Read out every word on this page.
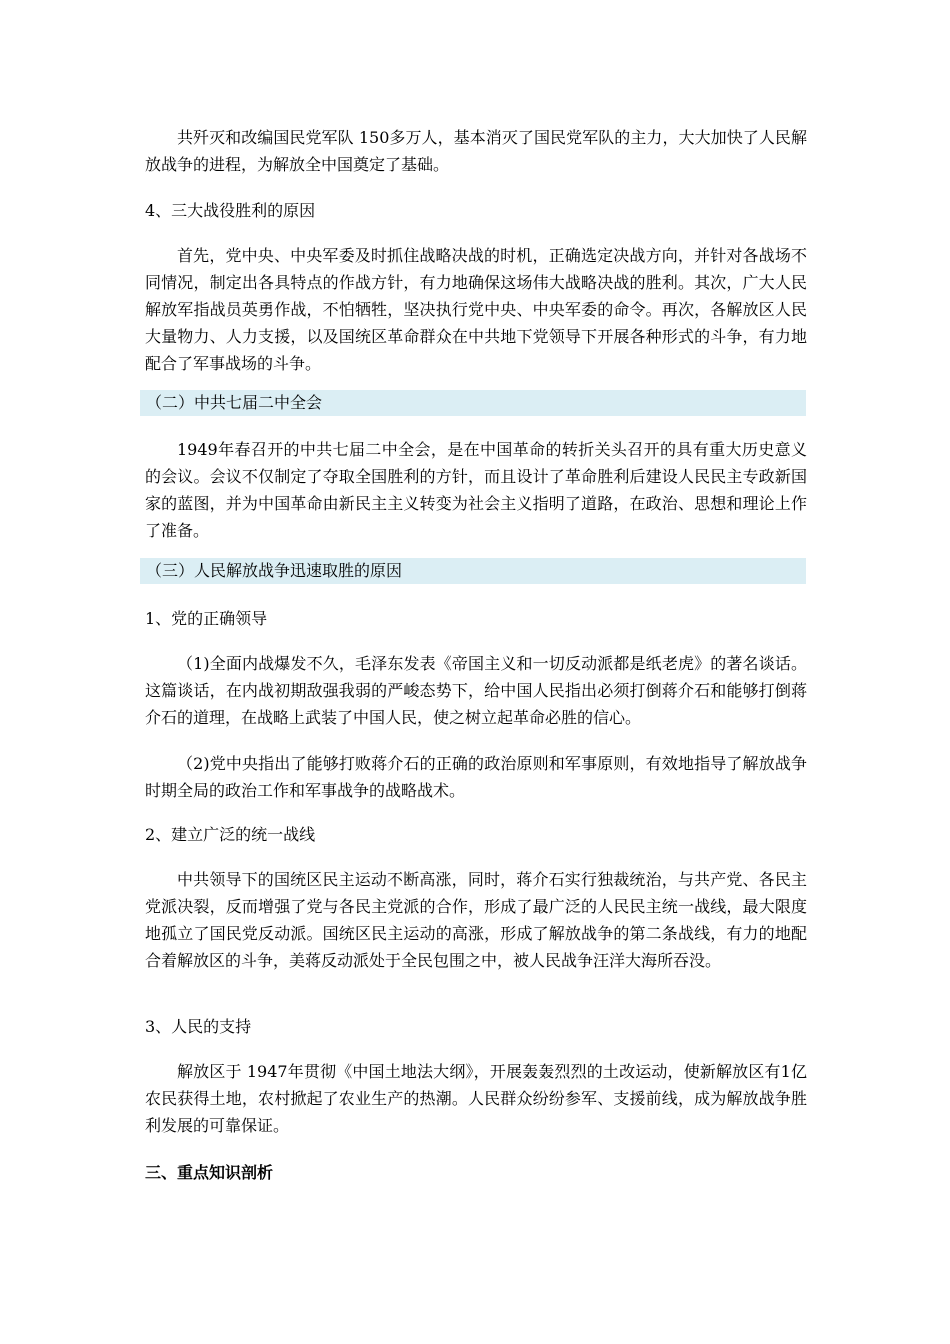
共歼灭和改编国民党军队 150多万人，基本消灭了国民党军队的主力，大大加快了人民解放战争的进程，为解放全中国奠定了基础。

4、三大战役胜利的原因

首先，党中央、中央军委及时抓住战略决战的时机，正确选定决战方向，并针对各战场不同情况，制定出各具特点的作战方针，有力地确保这场伟大战略决战的胜利。其次，广大人民解放军指战员英勇作战，不怕牺牲，坚决执行党中央、中央军委的命令。再次，各解放区人民大量物力、人力支援，以及国统区革命群众在中共地下党领导下开展各种形式的斗争，有力地配合了军事战场的斗争。

（二）中共七届二中全会

1949年春召开的中共七届二中全会，是在中国革命的转折关头召开的具有重大历史意义的会议。会议不仅制定了夺取全国胜利的方针，而且设计了革命胜利后建设人民民主专政新国家的蓝图，并为中国革命由新民主主义转变为社会主义指明了道路，在政治、思想和理论上作了准备。

（三）人民解放战争迅速取胜的原因

1、党的正确领导

（1)全面内战爆发不久，毛泽东发表《帝国主义和一切反动派都是纸老虎》的著名谈话。这篇谈话，在内战初期敌强我弱的严峻态势下，给中国人民指出必须打倒蒋介石和能够打倒蒋介石的道理，在战略上武装了中国人民，使之树立起革命必胜的信心。

（2)党中央指出了能够打败蒋介石的正确的政治原则和军事原则，有效地指导了解放战争时期全局的政治工作和军事战争的战略战术。

2、建立广泛的统一战线

中共领导下的国统区民主运动不断高涨，同时，蒋介石实行独裁统治，与共产党、各民主党派决裂，反而增强了党与各民主党派的合作，形成了最广泛的人民民主统一战线，最大限度地孤立了国民党反动派。国统区民主运动的高涨，形成了解放战争的第二条战线，有力的地配合着解放区的斗争，美蒋反动派处于全民包围之中，被人民战争汪洋大海所吞没。

3、人民的支持

解放区于 1947年贯彻《中国土地法大纲》，开展轰轰烈烈的土改运动，使新解放区有1亿农民获得土地，农村掀起了农业生产的热潮。人民群众纷纷参军、支援前线，成为解放战争胜利发展的可靠保证。

三、重点知识剖析
